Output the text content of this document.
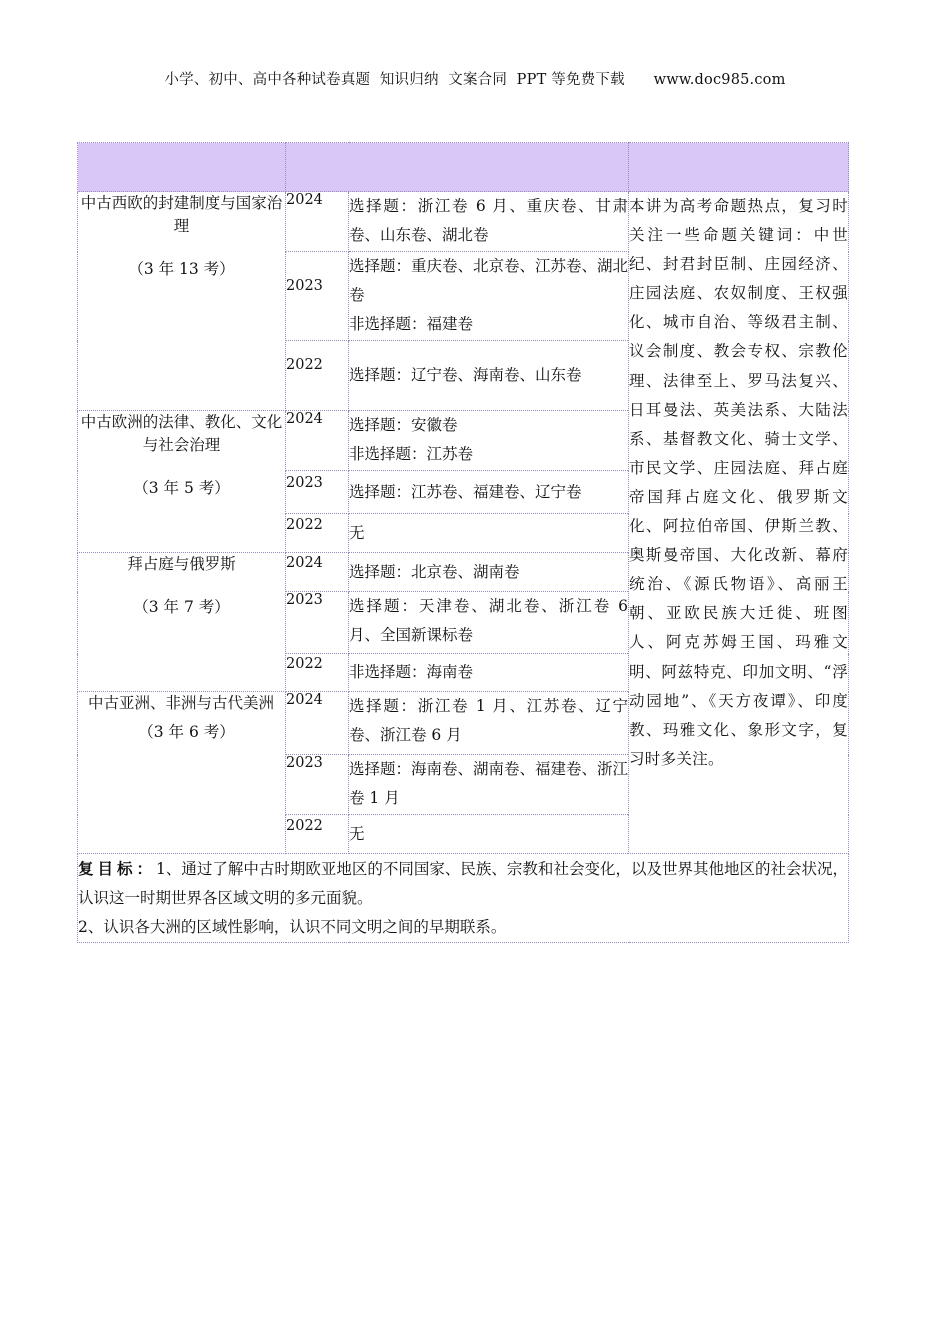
小学、初中、高中各种试卷真题  知识归纳  文案合同  PPT 等免费下载      www.doc985.com

中古西欧的封建制度与国家治理
（3 年 13 考）	2024	选择题：浙江卷 6 月、重庆卷、甘肃卷、山东卷、湖北卷	本讲为高考命题热点，复习时关注一些命题关键词：中世纪、封君封臣制、庄园经济、庄园法庭、农奴制度、王权强化、城市自治、等级君主制、议会制度、教会专权、宗教伦理、法律至上、罗马法复兴、日耳曼法、英美法系、大陆法系、基督教文化、骑士文学、市民文学、庄园法庭、拜占庭帝国拜占庭文化、俄罗斯文化、阿拉伯帝国、伊斯兰教、奥斯曼帝国、大化改新、幕府统治、《源氏物语》、高丽王朝、亚欧民族大迁徙、班图人、阿克苏姆王国、玛雅文明、阿兹特克、印加文明、“浮动园地”、《天方夜谭》、印度教、玛雅文化、象形文字，复习时多关注。
	2023	选择题：重庆卷、北京卷、江苏卷、湖北卷
非选择题：福建卷	

	2022	选择题：辽宁卷、海南卷、山东卷	

中古欧洲的法律、教化、文化与社会治理
（3 年 5 考）	2024	选择题：安徽卷
非选择题：江苏卷	

	2023	选择题：江苏卷、福建卷、辽宁卷	

	2022	无	

拜占庭与俄罗斯
（3 年 7 考）	2024	选择题：北京卷、湖南卷	

	2023	选择题：天津卷、湖北卷、浙江卷 6 月、全国新课标卷	

	2022	非选择题：海南卷	

中古亚洲、非洲与古代美洲
（3 年 6 考）	2024	选择题：浙江卷 1 月、江苏卷、辽宁卷、浙江卷 6 月	

	2023	选择题：海南卷、湖南卷、福建卷、浙江卷 1 月	

	2022	无	

复目标：1、通过了解中古时期欧亚地区的不同国家、民族、宗教和社会变化，以及世界其他地区的社会状况，认识这一时期世界各区域文明的多元面貌。
2、认识各大洲的区域性影响，认识不同文明之间的早期联系。			
